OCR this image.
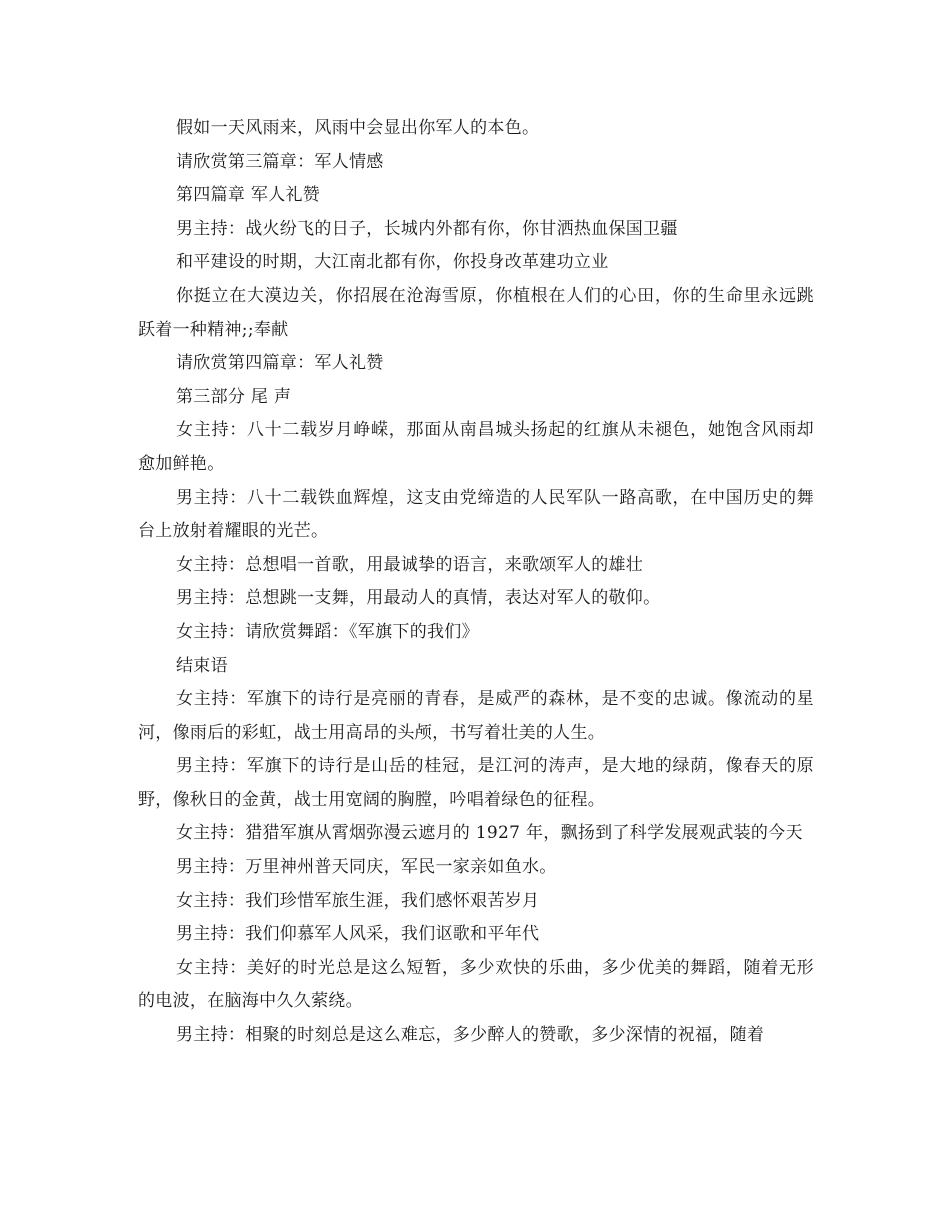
假如一天风雨来，风雨中会显出你军人的本色。

请欣赏第三篇章：军人情感

第四篇章 军人礼赞

男主持：战火纷飞的日子，长城内外都有你，你甘洒热血保国卫疆

和平建设的时期，大江南北都有你，你投身改革建功立业

你挺立在大漠边关，你招展在沧海雪原，你植根在人们的心田，你的生命里永远跳跃着一种精神;;奉献

请欣赏第四篇章：军人礼赞

第三部分 尾 声

女主持：八十二载岁月峥嵘，那面从南昌城头扬起的红旗从未褪色，她饱含风雨却愈加鲜艳。

男主持：八十二载铁血辉煌，这支由党缔造的人民军队一路高歌，在中国历史的舞台上放射着耀眼的光芒。

女主持：总想唱一首歌，用最诚挚的语言，来歌颂军人的雄壮

男主持：总想跳一支舞，用最动人的真情，表达对军人的敬仰。

女主持：请欣赏舞蹈：《军旗下的我们》

结束语

女主持：军旗下的诗行是亮丽的青春，是威严的森林，是不变的忠诚。像流动的星河，像雨后的彩虹，战士用高昂的头颅，书写着壮美的人生。

男主持：军旗下的诗行是山岳的桂冠，是江河的涛声，是大地的绿荫，像春天的原野，像秋日的金黄，战士用宽阔的胸膛，吟唱着绿色的征程。

女主持：猎猎军旗从霄烟弥漫云遮月的 1927 年，飘扬到了科学发展观武装的今天

男主持：万里神州普天同庆，军民一家亲如鱼水。

女主持：我们珍惜军旅生涯，我们感怀艰苦岁月

男主持：我们仰慕军人风采，我们讴歌和平年代

女主持：美好的时光总是这么短暂，多少欢快的乐曲，多少优美的舞蹈，随着无形的电波，在脑海中久久萦绕。

男主持：相聚的时刻总是这么难忘，多少醉人的赞歌，多少深情的祝福，随着
